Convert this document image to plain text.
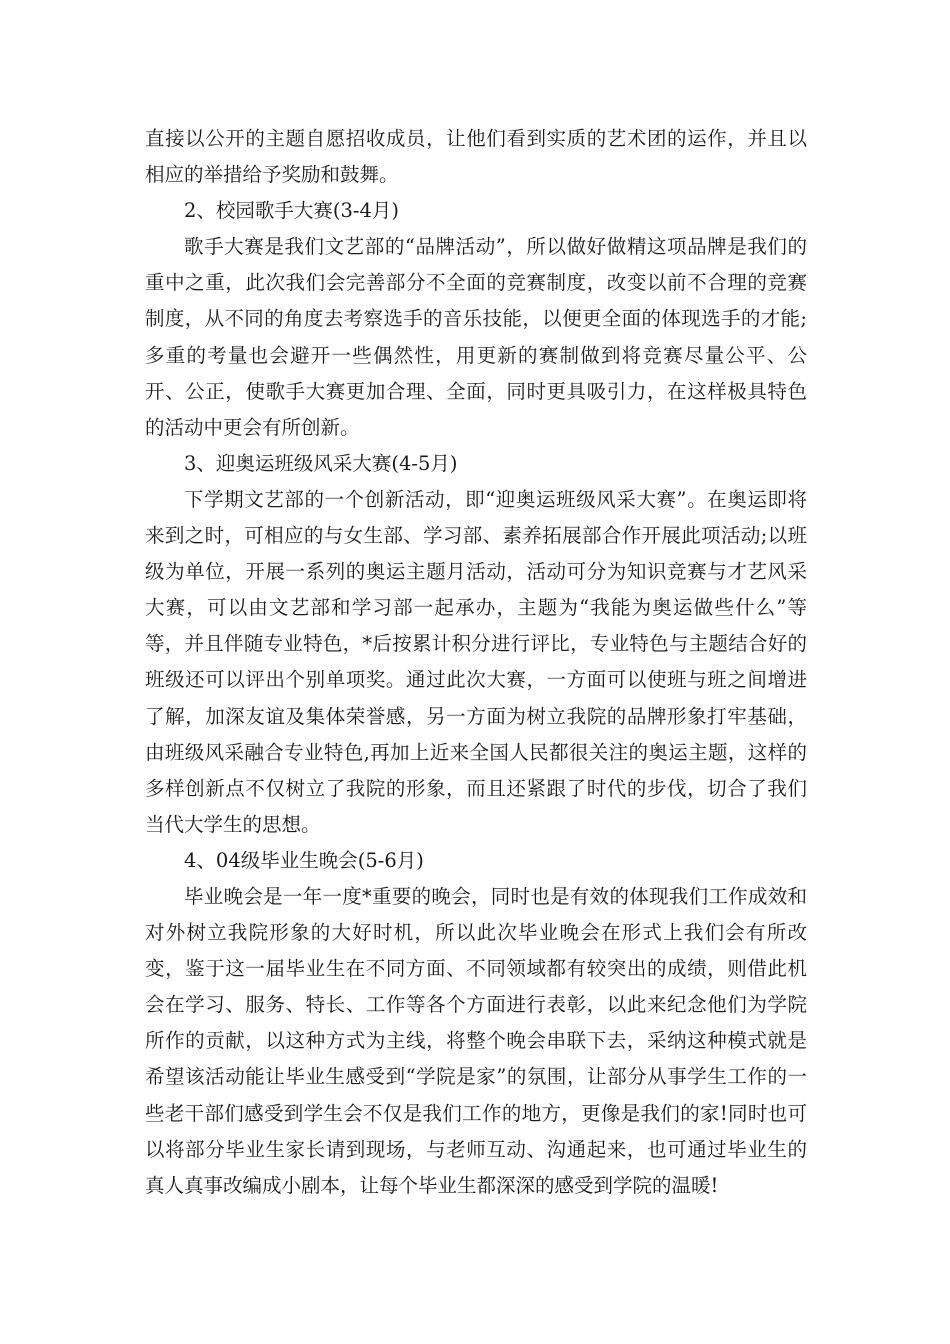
直接以公开的主题自愿招收成员，让他们看到实质的艺术团的运作，并且以相应的举措给予奖励和鼓舞。

2、校园歌手大赛(3-4月)

歌手大赛是我们文艺部的“品牌活动”，所以做好做精这项品牌是我们的重中之重，此次我们会完善部分不全面的竞赛制度，改变以前不合理的竞赛制度，从不同的角度去考察选手的音乐技能，以便更全面的体现选手的才能;多重的考量也会避开一些偶然性，用更新的赛制做到将竞赛尽量公平、公开、公正，使歌手大赛更加合理、全面，同时更具吸引力，在这样极具特色的活动中更会有所创新。

3、迎奥运班级风采大赛(4-5月)

下学期文艺部的一个创新活动，即“迎奥运班级风采大赛”。在奥运即将来到之时，可相应的与女生部、学习部、素养拓展部合作开展此项活动;以班级为单位，开展一系列的奥运主题月活动，活动可分为知识竞赛与才艺风采大赛，可以由文艺部和学习部一起承办，主题为“我能为奥运做些什么”等等，并且伴随专业特色，*后按累计积分进行评比，专业特色与主题结合好的班级还可以评出个别单项奖。通过此次大赛，一方面可以使班与班之间增进了解，加深友谊及集体荣誉感，另一方面为树立我院的品牌形象打牢基础，由班级风采融合专业特色,再加上近来全国人民都很关注的奥运主题，这样的多样创新点不仅树立了我院的形象，而且还紧跟了时代的步伐，切合了我们当代大学生的思想。

4、04级毕业生晚会(5-6月)

毕业晚会是一年一度*重要的晚会，同时也是有效的体现我们工作成效和对外树立我院形象的大好时机，所以此次毕业晚会在形式上我们会有所改变，鉴于这一届毕业生在不同方面、不同领域都有较突出的成绩，则借此机会在学习、服务、特长、工作等各个方面进行表彰，以此来纪念他们为学院所作的贡献，以这种方式为主线，将整个晚会串联下去，采纳这种模式就是希望该活动能让毕业生感受到“学院是家”的氛围，让部分从事学生工作的一些老干部们感受到学生会不仅是我们工作的地方，更像是我们的家!同时也可以将部分毕业生家长请到现场，与老师互动、沟通起来，也可通过毕业生的真人真事改编成小剧本，让每个毕业生都深深的感受到学院的温暖!
